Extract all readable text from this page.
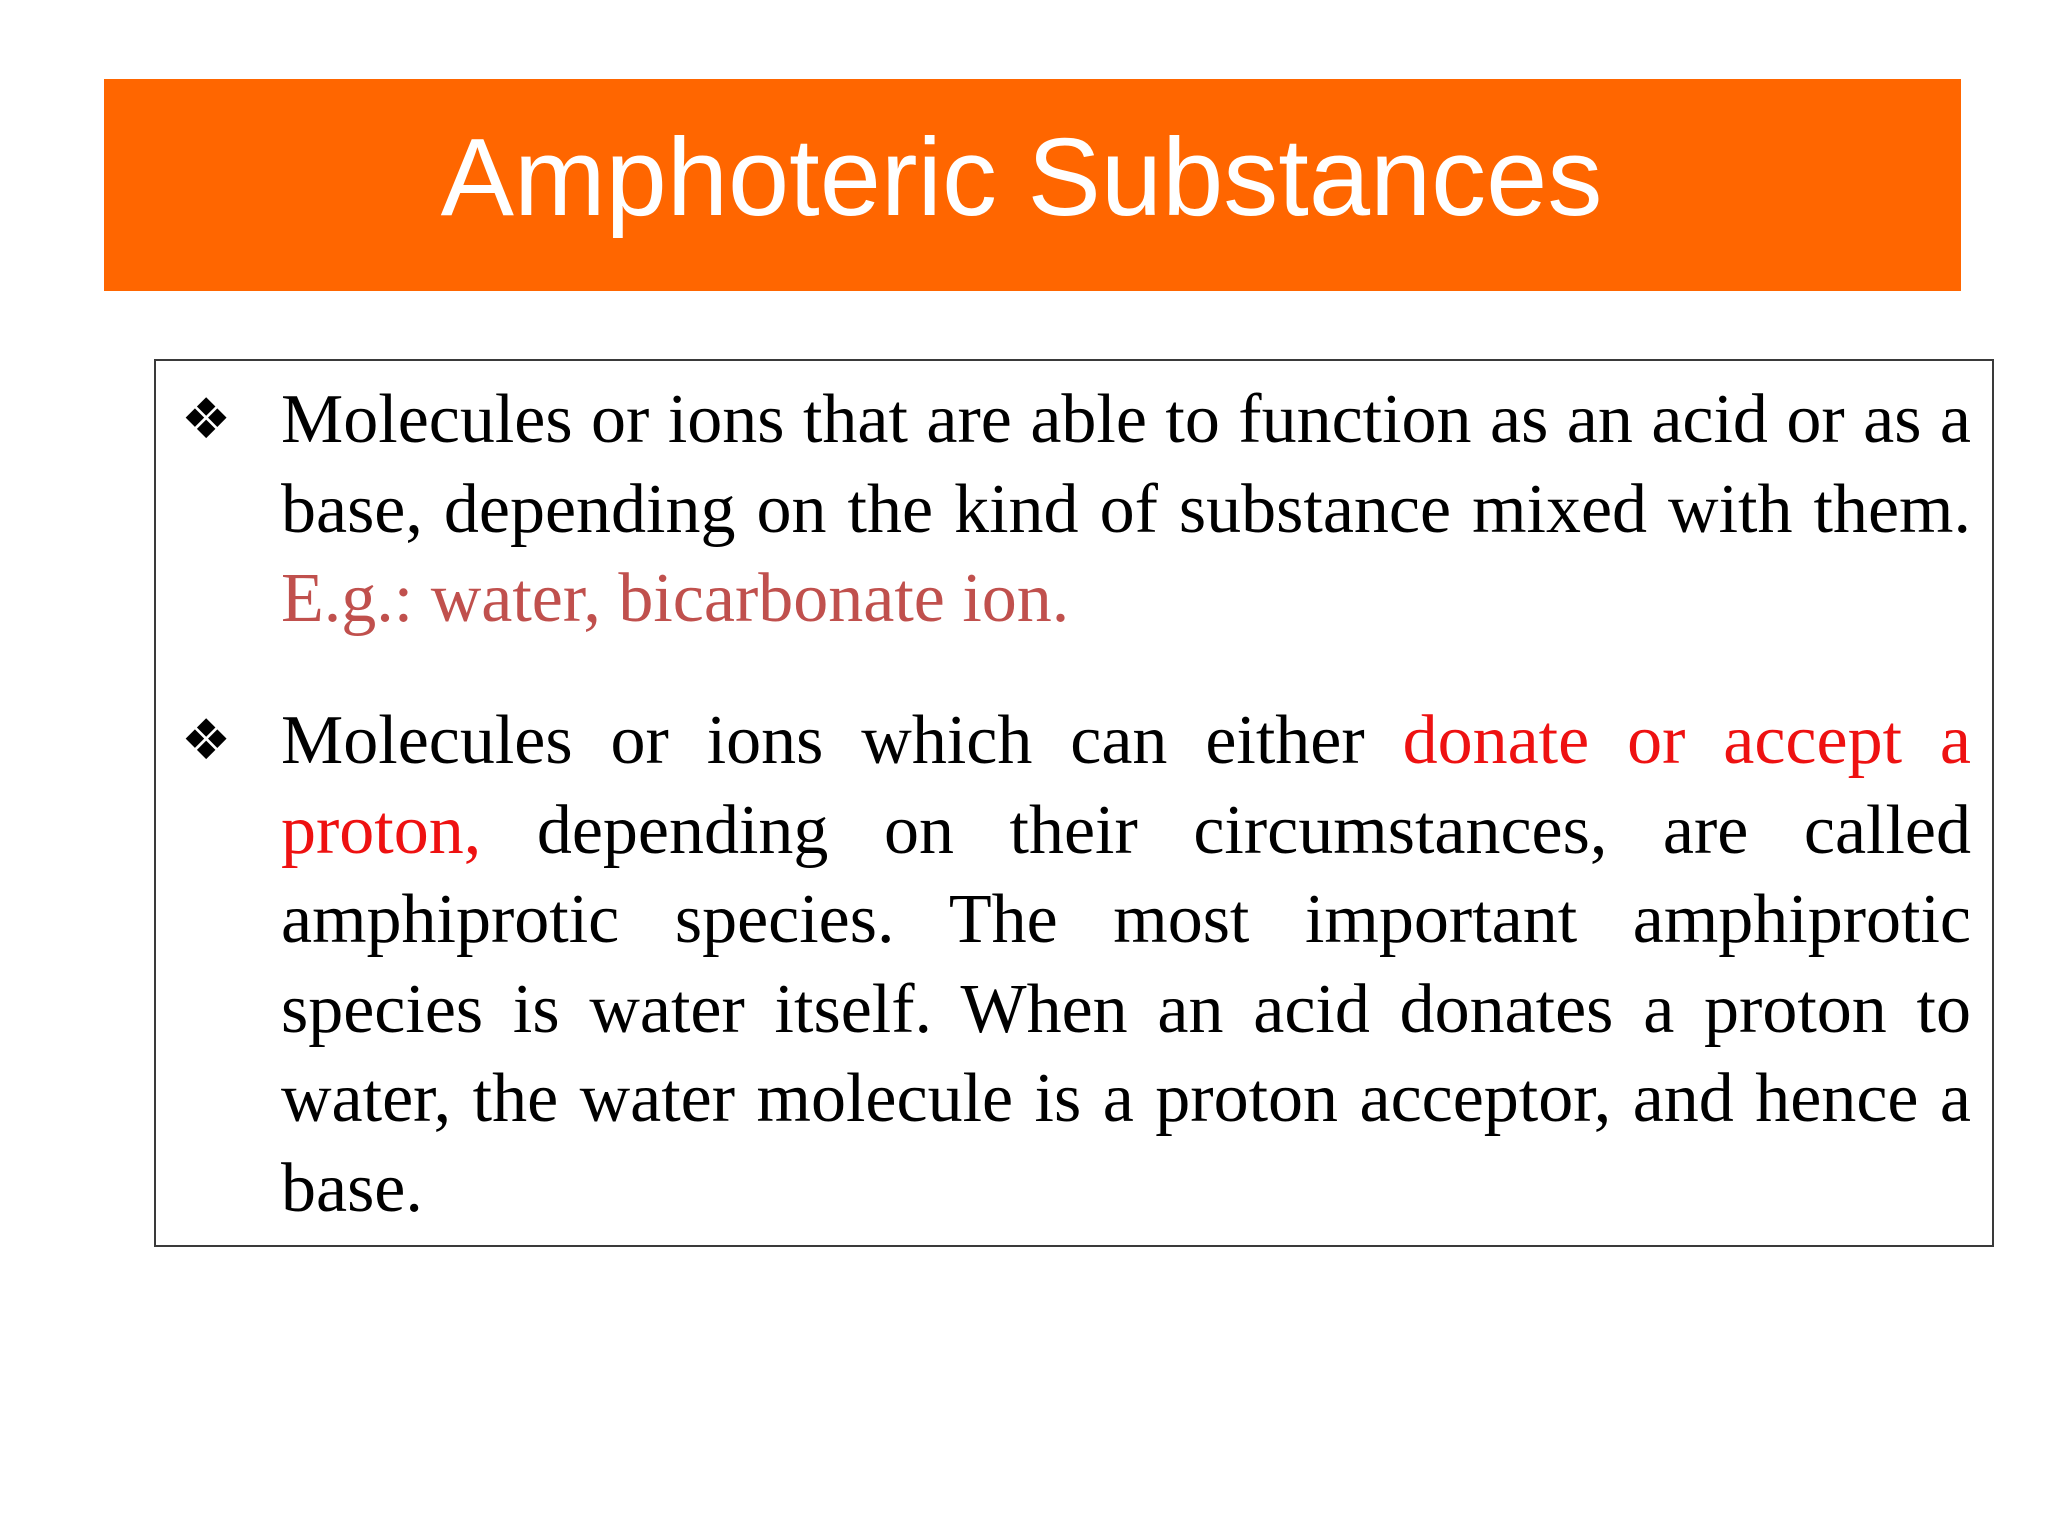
Amphoteric Substances
❖ Molecules or ions that are able to function as an acid or as a base, depending on the kind of substance mixed with them. E.g.: water, bicarbonate ion.
❖ Molecules or ions which can either donate or accept a proton, depending on their circumstances, are called amphiprotic species. The most important amphiprotic species is water itself. When an acid donates a proton to water, the water molecule is a proton acceptor, and hence a base.
